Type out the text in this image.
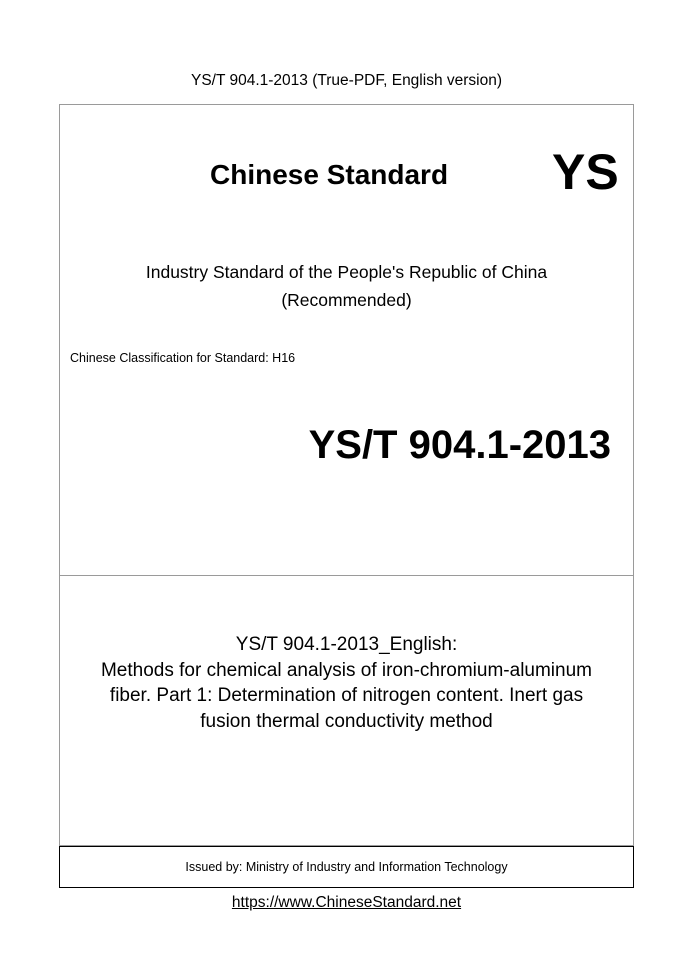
YS/T 904.1-2013 (True-PDF, English version)
Chinese Standard YS
Industry Standard of the People's Republic of China
(Recommended)
Chinese Classification for Standard: H16
YS/T 904.1-2013
YS/T 904.1-2013_English:
Methods for chemical analysis of iron-chromium-aluminum
fiber. Part 1: Determination of nitrogen content. Inert gas
fusion thermal conductivity method
Issued by: Ministry of Industry and Information Technology
https://www.ChineseStandard.net
